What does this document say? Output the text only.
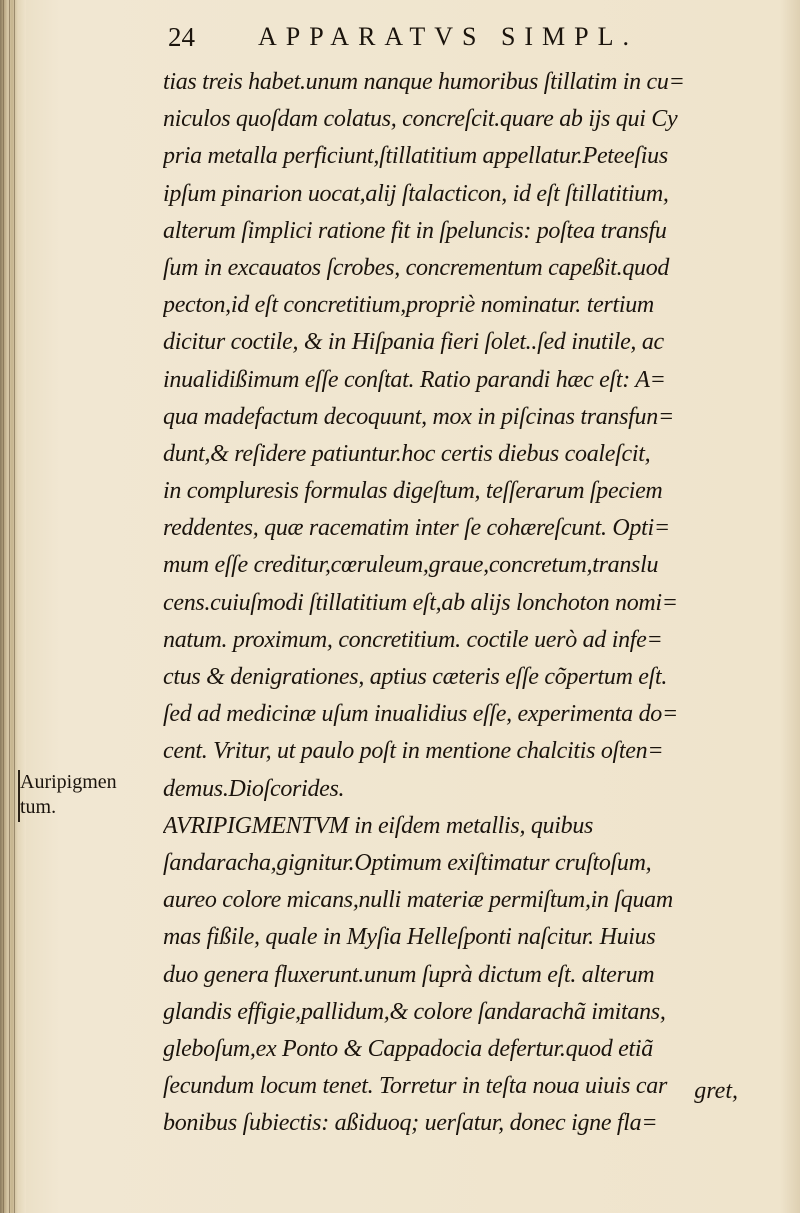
24 APPARATVS SIMPL.
Auripigmen
tum.
tias treis habet.unum nanque humoribus ſtillatim in cu=
niculos quoſdam colatus, concreſcit.quare ab ijs qui Cy
pria metalla perficiunt,ſtillatitium appellatur.Peteeſius
ipſum pinarion uocat,alij ſtalacticon, id eſt ſtillatitium,
alterum ſimplici ratione fit in ſpeluncis: poſtea transfu
ſum in excauatos ſcrobes, concrementum capeßit.quod
pecton,id eſt concretitium,propriè nominatur. tertium
dicitur coctile, & in Hiſpania fieri ſolet..ſed inutile, ac
inualidißimum eſſe conſtat. Ratio parandi hæc eſt: A=
qua madefactum decoquunt, mox in piſcinas transfun=
dunt,& reſidere patiuntur.hoc certis diebus coaleſcit,
in compluresis formulas digeſtum, teſſerarum ſpeciem
reddentes, quæ racematim inter ſe cohæreſcunt. Opti=
mum eſſe creditur,cœruleum,graue,concretum,translu
cens.cuiuſmodi ſtillatitium eſt,ab alijs lonchoton nomi=
natum. proximum, concretitium. coctile uerò ad infe=
ctus & denigrationes, aptius cæteris eſſe cõpertum eſt.
ſed ad medicinæ uſum inualidius eſſe, experimenta do=
cent. Vritur, ut paulo poſt in mentione chalcitis oſten=
demus.Dioſcorides.
AVRIPIGMENTVM in eiſdem metallis, quibus
ſandaracha,gignitur.Optimum exiſtimatur cruſtoſum,
aureo colore micans,nulli materiæ permiſtum,in ſquam
mas fißile, quale in Myſia Helleſponti naſcitur. Huius
duo genera fluxerunt.unum ſuprà dictum eſt. alterum
glandis effigie,pallidum,& colore ſandarachã imitans,
gleboſum,ex Ponto & Cappadocia defertur.quod etiã
ſecundum locum tenet. Torretur in teſta noua uiuis car
bonibus ſubiectis: aßiduoq; uerſatur, donec igne fla=
gret,
